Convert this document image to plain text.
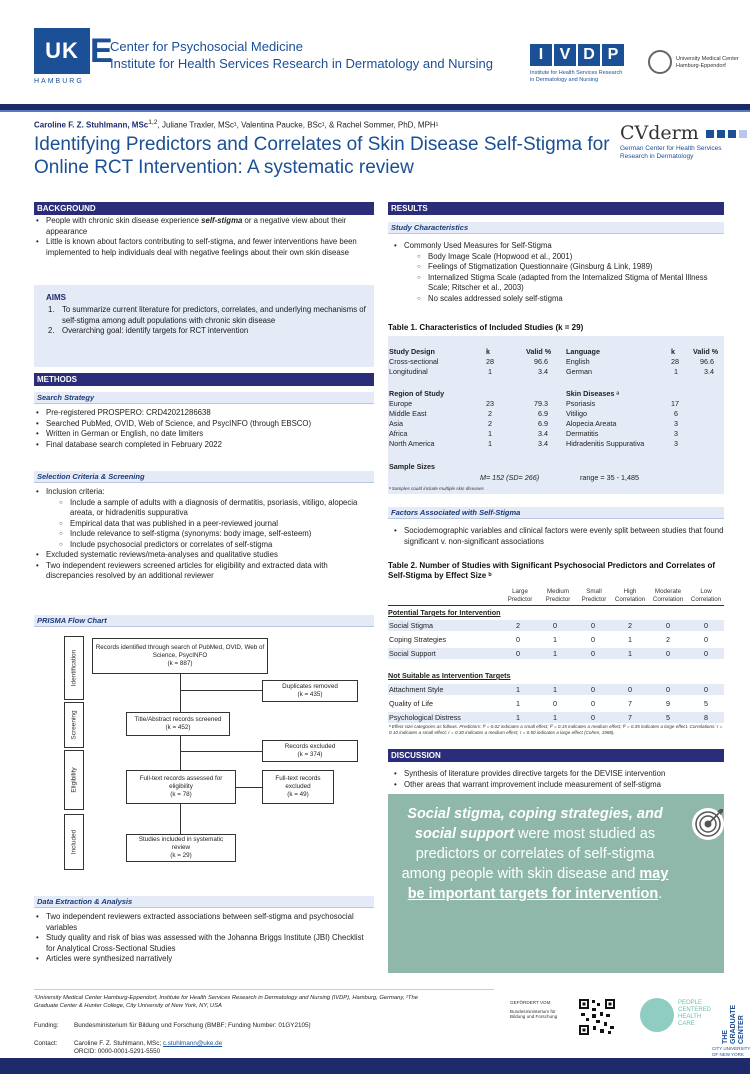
UK E
HAMBURG
Center for Psychosocial Medicine
Institute for Health Services Research in Dermatology and Nursing
I	V D P
Institute for Health Services Research
in Dermatology and Nursing
University Medical Center
Hamburg-Eppendorf
Caroline F. Z. Stuhlmann, MSc$^{1,2}$, Juliane Traxler, MSc¹, Valentina Paucke, BSc¹, & Rachel Sommer, PhD, MPH¹
Identifying Predictors and Correlates of Skin Disease Self-Stigma for Online RCT Intervention: A systematic review
CVderm
German Center for Health Services Research in Dermatology
BACKGROUND
• People with chronic skin disease experience self-stigma or a negative view about their appearance
• Little is known about factors contributing to self-stigma, and fewer interventions have been implemented to help individuals deal with negative feelings about their own skin disease
AIMS
1. To summarize current literature for predictors, correlates, and underlying mechanisms of self-stigma among adult populations with chronic skin disease
2. Overarching goal: identify targets for RCT intervention
METHODS
Search Strategy
• Pre-registered PROSPERO: CRD42021286638
• Searched PubMed, OVID, Web of Science, and PsycINFO (through EBSCO)
• Written in German or English, no date limiters
• Final database search completed in February 2022
Selection Criteria & Screening
• Inclusion criteria:
○ Include a sample of adults with a diagnosis of dermatitis, psoriasis, vitiligo, alopecia areata, or hidradenitis suppurativa
○ Empirical data that was published in a peer-reviewed journal
○ Include relevance to self-stigma (synonyms: body image, self-esteem)
○ Include psychosocial predictors or correlates of self-stigma
• Excluded systematic reviews/meta-analyses and qualitative studies
• Two independent reviewers screened articles for eligibility and extracted data with discrepancies resolved by an additional reviewer
PRISMA Flow Chart
Identification
Screening
Eligibility
Included
Records identified through search of PubMed, OVID, Web of Science, PsycINFO
(k = 887)
Duplicates removed
(k = 435)
Title/Abstract records screened
(k = 452)
Records excluded
(k = 374)
Full-text records assessed for eligibility
(k = 78)
Full-text records excluded
(k = 49)
Studies included in systematic review
(k = 29)
Data Extraction & Analysis
• Two independent reviewers extracted associations between self-stigma and psychosocial variables
• Study quality and risk of bias was assessed with the Johanna Briggs Institute (JBI) Checklist for Analytical Cross-Sectional Studies
• Articles were synthesized narratively
RESULTS
Study Characteristics
• Commonly Used Measures for Self-Stigma
○ Body Image Scale (Hopwood et al., 2001)
○ Feelings of Stigmatization Questionnaire (Ginsburg & Link, 1989)
○ Internalized Stigma Scale (adapted from the Internalized Stigma of Mental Illness Scale; Ritscher et al., 2003)
○ No scales addressed solely self-stigma
Table 1. Characteristics of Included Studies (k = 29)
Study Design	k	Valid % Language	k	Valid %
Cross-sectional	28	96.6	English	28	96.6
Longitudinal	1	3.4	German	1	3.4
Region of Study	Skin Diseases ᵃ
Europe	23	79.3	Psoriasis	17
Middle East	2	6.9	Vitiligo	6
Asia	2	6.9	Alopecia Areata	3
Africa	1	3.4	Dermatitis	3
North America	1	3.4	Hidradenitis Suppurativa	3
Sample Sizes
M= 152 (SD= 266)	range = 35 - 1,485
ᵃ Samples could include multiple skin diseases
Factors Associated with Self-Stigma
• Sociodemographic variables and clinical factors were evenly split between studies that found significant v. non-significant associations
Table 2. Number of Studies with Significant Psychosocial Predictors and Correlates of Self-Stigma by Effect Size ᵇ
Large
Predictor
Medium
Predictor
Small
Predictor
High
Correlation
Moderate
Correlation
Low
Correlation
Potential Targets for Intervention
Social Stigma	2	0	0	2	0	0
Coping Strategies	0	1	0	1	2	0
Social Support	0	1	0	1	0	0
Not Suitable as Intervention Targets
Attachment Style	1	1	0	0	0	0
Quality of Life	1	0	0	7	9	5
Psychological Distress	1	1	0	7	5	8
ᵇ Effect size categories as follows. Predictors: f² = 0.02 indicates a small effect; f² = 0.15 indicates a medium effect; f² = 0.35 indicates a large effect. Correlations: r = 0.10 indicates a small effect; r = 0.30 indicates a medium effect; r = 0.50 indicates a large effect (Cohen, 1988).
DISCUSSION
• Synthesis of literature provides directive targets for the DEVISE intervention
• Other areas that warrant improvement include measurement of self-stigma
Social stigma, coping strategies, and social support were most studied as predictors or correlates of self-stigma among people with skin disease and may be important targets for intervention.
¹University Medical Center Hamburg-Eppendorf, Institute for Health Services Research in Dermatology and Nursing (IVDP), Hamburg, Germany, ²The Graduate Center & Hunter College, City University of New York, NY, USA
Funding: Bundesministerium für Bildung und Forschung (BMBF; Funding Number: 01GY2105)
Contact:	Caroline F. Z. Stuhlmann, MSc; c.stuhlmann@uke.de
ORCID: 0000-0001-5291-5550
GEFÖRDERT VOM
Bundesministerium für Bildung und Forschung
PEOPLE CENTERED HEALTH CARE
THE GRADUATE CENTER
CITY UNIVERSITY OF NEW YORK
